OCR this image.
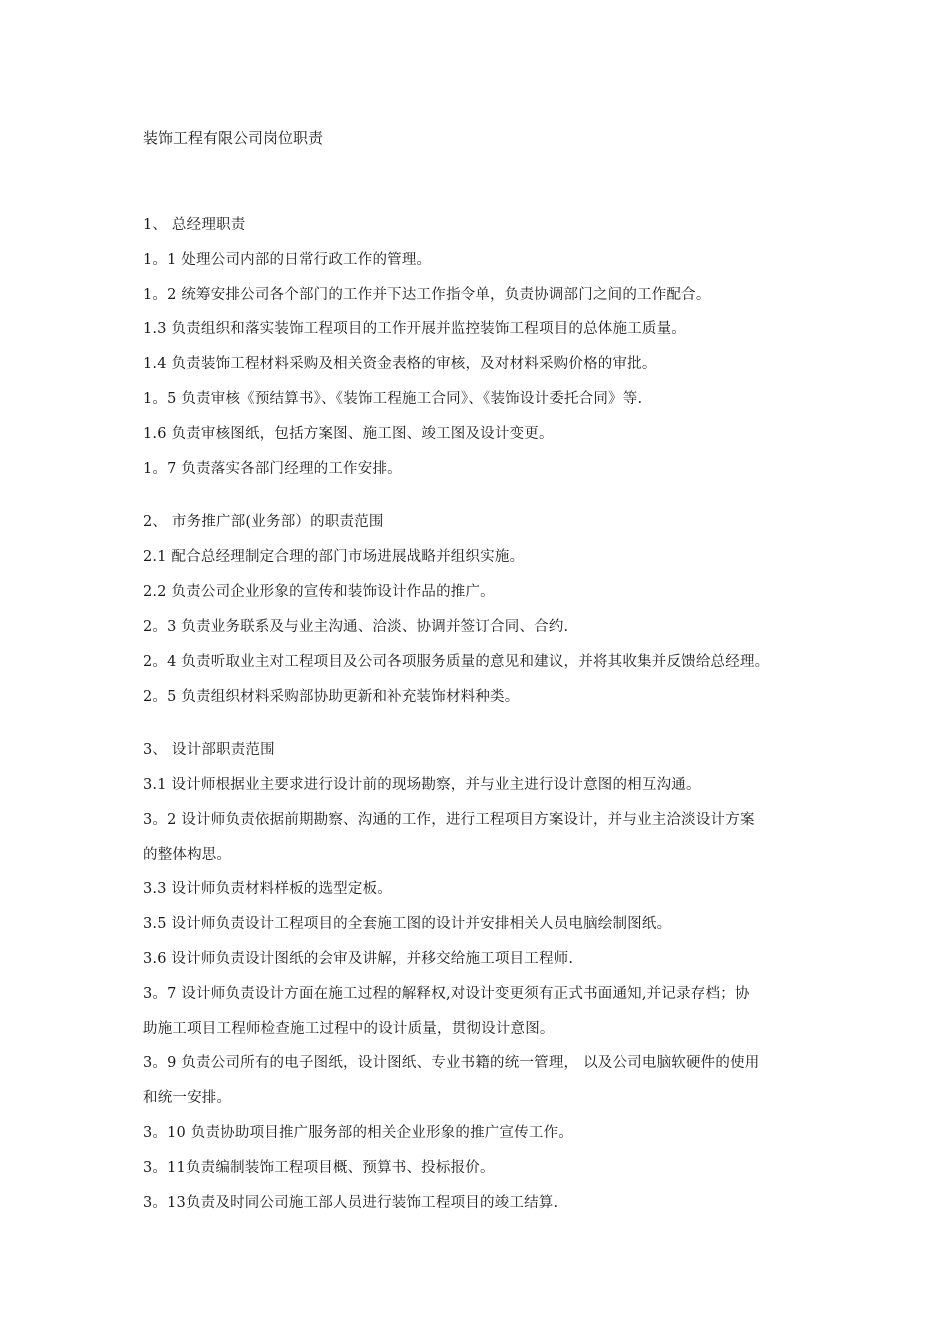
装饰工程有限公司岗位职责
1、 总经理职责
1。1 处理公司内部的日常行政工作的管理。
1。2 统筹安排公司各个部门的工作并下达工作指令单，负责协调部门之间的工作配合。
1.3 负责组织和落实装饰工程项目的工作开展并监控装饰工程项目的总体施工质量。
1.4 负责装饰工程材料采购及相关资金表格的审核，及对材料采购价格的审批。
1。5 负责审核《预结算书》、《装饰工程施工合同》、《装饰设计委托合同》等.
1.6 负责审核图纸，包括方案图、施工图、竣工图及设计变更。
1。7 负责落实各部门经理的工作安排。
2、 市务推广部(业务部）的职责范围
2.1 配合总经理制定合理的部门市场进展战略并组织实施。
2.2 负责公司企业形象的宣传和装饰设计作品的推广。
2。3 负责业务联系及与业主沟通、洽淡、协调并签订合同、合约.
2。4 负责听取业主对工程项目及公司各项服务质量的意见和建议，并将其收集并反馈给总经理。
2。5 负责组织材料采购部协助更新和补充装饰材料种类。
3、 设计部职责范围
3.1 设计师根据业主要求进行设计前的现场勘察，并与业主进行设计意图的相互沟通。
3。2 设计师负责依据前期勘察、沟通的工作，进行工程项目方案设计，并与业主洽淡设计方案
的整体构思。
3.3 设计师负责材料样板的选型定板。
3.5 设计师负责设计工程项目的全套施工图的设计并安排相关人员电脑绘制图纸。
3.6 设计师负责设计图纸的会审及讲解，并移交给施工项目工程师.
3。7 设计师负责设计方面在施工过程的解释权,对设计变更须有正式书面通知,并记录存档；协
助施工项目工程师检查施工过程中的设计质量，贯彻设计意图。
3。9 负责公司所有的电子图纸，设计图纸、专业书籍的统一管理， 以及公司电脑软硬件的使用
和统一安排。
3。10 负责协助项目推广服务部的相关企业形象的推广宣传工作。
3。11负责编制装饰工程项目概、预算书、投标报价。
3。13负责及时同公司施工部人员进行装饰工程项目的竣工结算.
